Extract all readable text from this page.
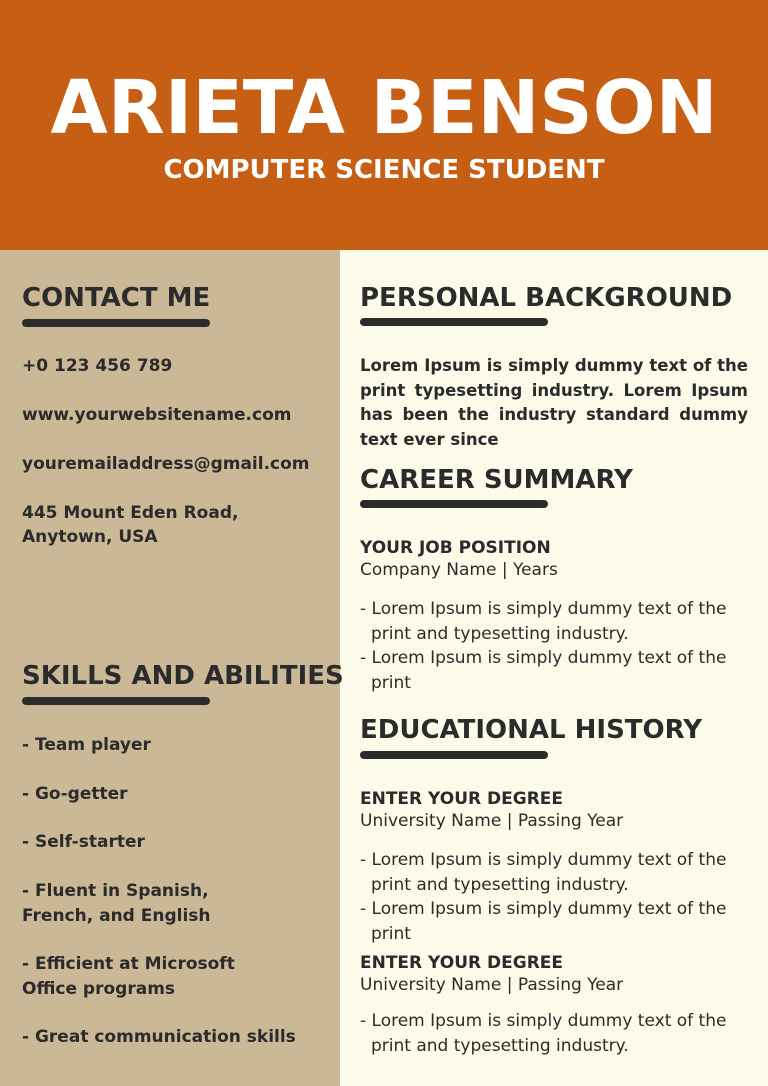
ARIETA BENSON
COMPUTER SCIENCE STUDENT
CONTACT ME
+0 123 456 789
www.yourwebsitename.com
youremailaddress@gmail.com
445 Mount Eden Road,
Anytown, USA
SKILLS AND ABILITIES
- Team player
- Go-getter
- Self-starter
- Fluent in Spanish, French, and English
- Efficient at Microsoft Office programs
- Great communication skills
PERSONAL BACKGROUND
Lorem Ipsum is simply dummy text of the print typesetting industry. Lorem Ipsum has been the industry standard dummy text ever since
CAREER SUMMARY
YOUR JOB POSITION
Company Name | Years
- Lorem Ipsum is simply dummy text of the print and typesetting industry.
- Lorem Ipsum is simply dummy text of the print
EDUCATIONAL HISTORY
ENTER YOUR DEGREE
University Name | Passing Year
- Lorem Ipsum is simply dummy text of the print and typesetting industry.
- Lorem Ipsum is simply dummy text of the print
ENTER YOUR DEGREE
University Name | Passing Year
- Lorem Ipsum is simply dummy text of the print and typesetting industry.
